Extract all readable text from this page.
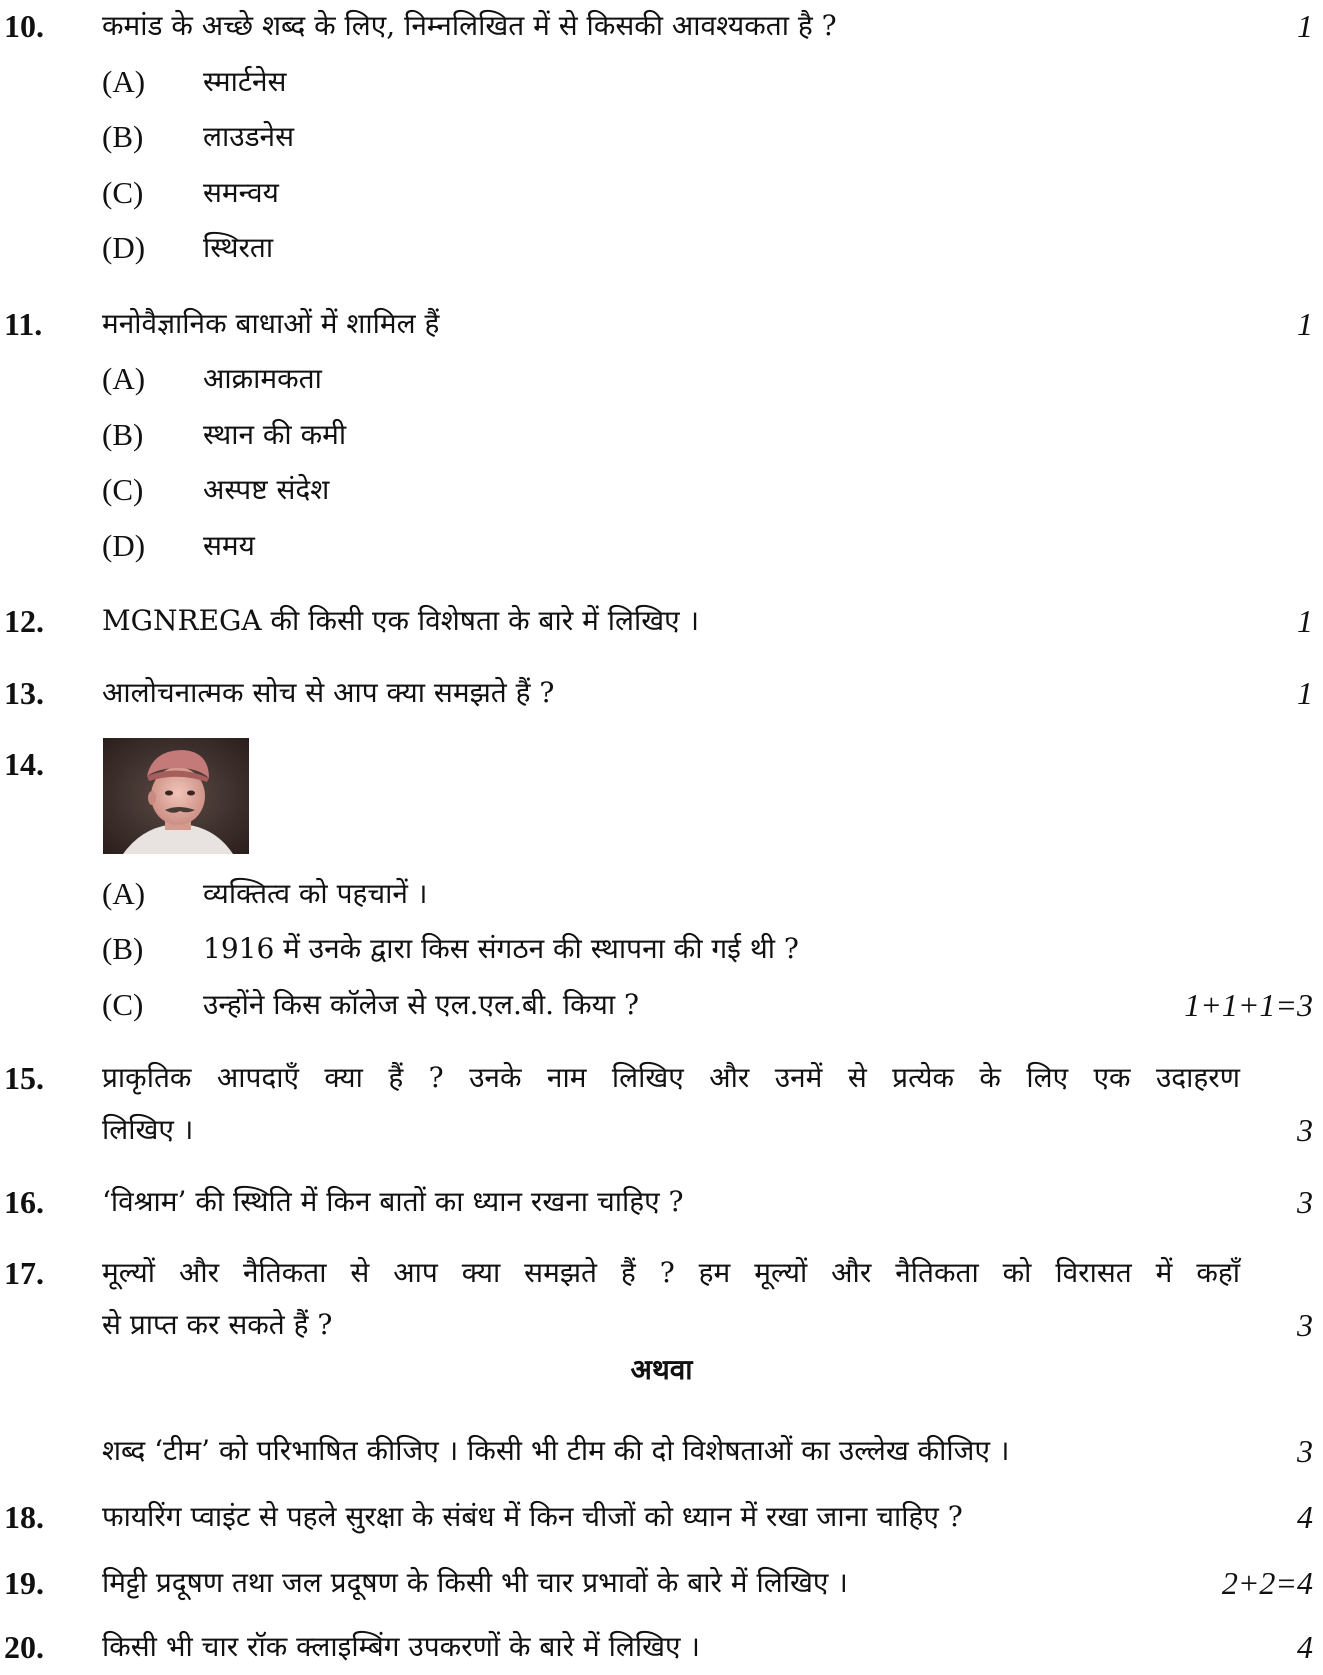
10. कमांड के अच्छे शब्द के लिए, निम्नलिखित में से किसकी आवश्यकता है ?	1
(A) स्मार्टनेस
(B) लाउडनेस
(C) समन्वय
(D) स्थिरता
11. मनोवैज्ञानिक बाधाओं में शामिल हैं	1
(A) आक्रामकता
(B) स्थान की कमी
(C) अस्पष्ट संदेश
(D) समय
12. MGNREGA की किसी एक विशेषता के बारे में लिखिए ।	1
13. आलोचनात्मक सोच से आप क्या समझते हैं ?	1
14.
(A) व्यक्तित्व को पहचानें ।
(B) 1916 में उनके द्वारा किस संगठन की स्थापना की गई थी ?
(C) उन्होंने किस कॉलेज से एल.एल.बी. किया ?	1+1+1=3
15. प्राकृतिक आपदाएँ क्या हैं ? उनके नाम लिखिए और उनमें से प्रत्येक के लिए एक उदाहरण
लिखिए ।	3
16. ‘विश्राम’ की स्थिति में किन बातों का ध्यान रखना चाहिए ?	3
17. मूल्यों और नैतिकता से आप क्या समझते हैं ? हम मूल्यों और नैतिकता को विरासत में कहाँ
से प्राप्त कर सकते हैं ?	3
अथवा
शब्द ‘टीम’ को परिभाषित कीजिए । किसी भी टीम की दो विशेषताओं का उल्लेख कीजिए ।	3
18. फायरिंग प्वाइंट से पहले सुरक्षा के संबंध में किन चीजों को ध्यान में रखा जाना चाहिए ?	4
19. मिट्टी प्रदूषण तथा जल प्रदूषण के किसी भी चार प्रभावों के बारे में लिखिए ।	2+2=4
20. किसी भी चार रॉक क्लाइम्बिंग उपकरणों के बारे में लिखिए ।	4
